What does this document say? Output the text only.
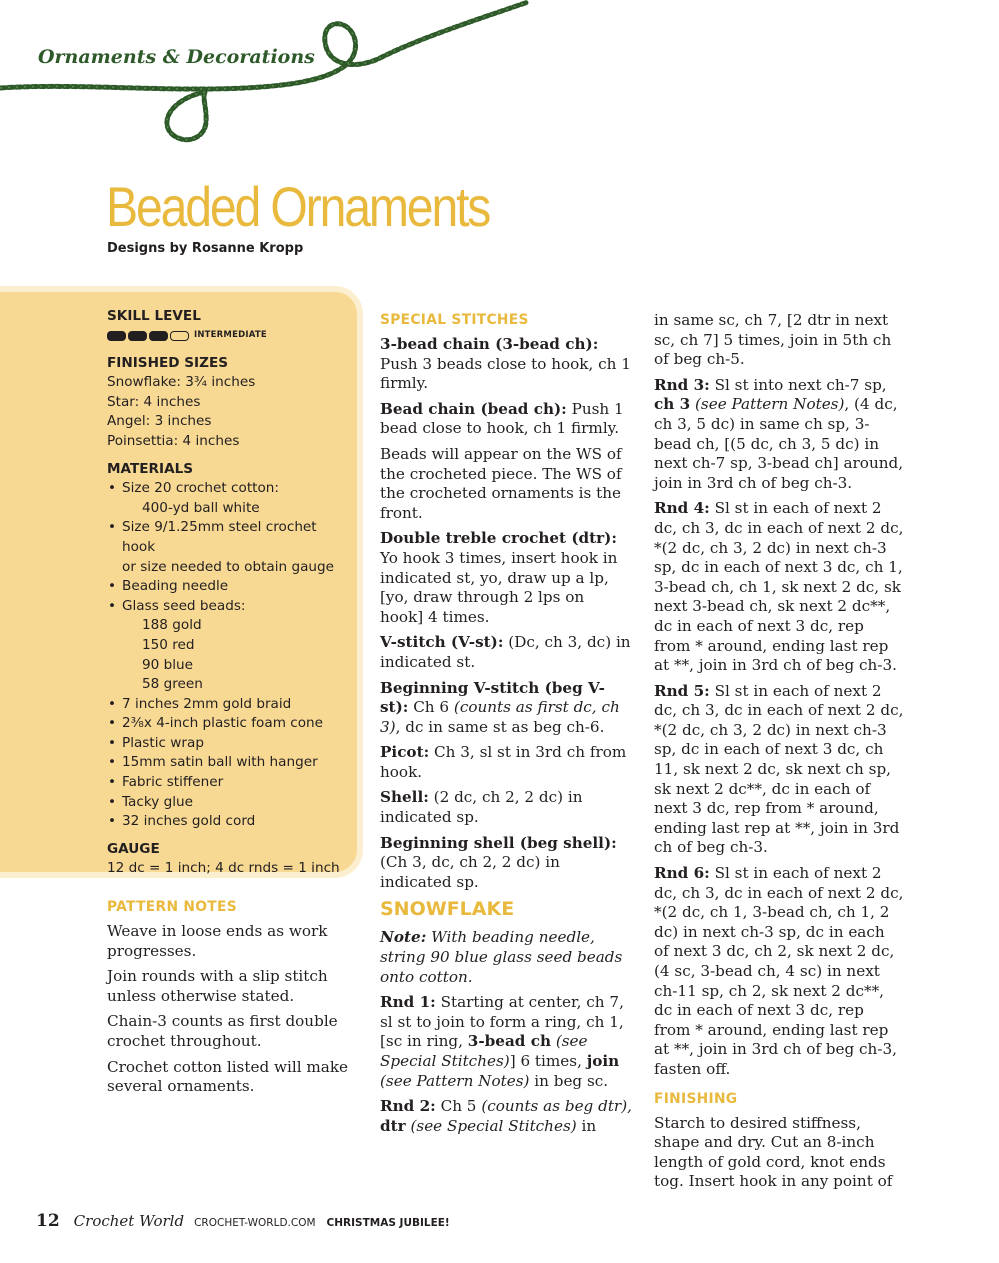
Ornaments & Decorations
Beaded Ornaments
Designs by Rosanne Kropp
SKILL LEVEL
INTERMEDIATE
FINISHED SIZES
Snowflake: 3¾ inches
Star: 4 inches
Angel: 3 inches
Poinsettia: 4 inches
MATERIALS
• Size 20 crochet cotton:
400-yd ball white
• Size 9/1.25mm steel crochet hook
or size needed to obtain gauge
• Beading needle
• Glass seed beads:
188 gold
150 red
90 blue
58 green
• 7 inches 2mm gold braid
• 2⅜x 4-inch plastic foam cone
• Plastic wrap
• 15mm satin ball with hanger
• Fabric stiffener
• Tacky glue
• 32 inches gold cord
GAUGE
12 dc = 1 inch; 4 dc rnds = 1 inch
PATTERN NOTES

Weave in loose ends as work progresses.

Join rounds with a slip stitch unless otherwise stated.

Chain-3 counts as first double crochet throughout.

Crochet cotton listed will make several ornaments.

SPECIAL STITCHES

3-bead chain (3-bead ch): Push 3 beads close to hook, ch 1 firmly.

Bead chain (bead ch): Push 1 bead close to hook, ch 1 firmly.

Beads will appear on the WS of the crocheted piece. The WS of the crocheted ornaments is the front.

Double treble crochet (dtr): Yo hook 3 times, insert hook in indicated st, yo, draw up a lp, [yo, draw through 2 lps on hook] 4 times.

V-stitch (V-st): (Dc, ch 3, dc) in indicated st.

Beginning V-stitch (beg V-st): Ch 6 (counts as first dc, ch 3), dc in same st as beg ch-6.

Picot: Ch 3, sl st in 3rd ch from hook.

Shell: (2 dc, ch 2, 2 dc) in indicated sp.

Beginning shell (beg shell): (Ch 3, dc, ch 2, 2 dc) in indicated sp.

SNOWFLAKE

Note: With beading needle, string 90 blue glass seed beads onto cotton.

Rnd 1: Starting at center, ch 7, sl st to join to form a ring, ch 1, [sc in ring, 3-bead ch (see Special Stitches)] 6 times, join (see Pattern Notes) in beg sc.

Rnd 2: Ch 5 (counts as beg dtr), dtr (see Special Stitches) in

in same sc, ch 7, [2 dtr in next sc, ch 7] 5 times, join in 5th ch of beg ch-5.

Rnd 3: Sl st into next ch-7 sp, ch 3 (see Pattern Notes), (4 dc, ch 3, 5 dc) in same ch sp, 3-bead ch, [(5 dc, ch 3, 5 dc) in next ch-7 sp, 3-bead ch] around, join in 3rd ch of beg ch-3.

Rnd 4: Sl st in each of next 2 dc, ch 3, dc in each of next 2 dc, *(2 dc, ch 3, 2 dc) in next ch-3 sp, dc in each of next 3 dc, ch 1, 3-bead ch, ch 1, sk next 2 dc, sk next 3-bead ch, sk next 2 dc**, dc in each of next 3 dc, rep from * around, ending last rep at **, join in 3rd ch of beg ch-3.

Rnd 5: Sl st in each of next 2 dc, ch 3, dc in each of next 2 dc, *(2 dc, ch 3, 2 dc) in next ch-3 sp, dc in each of next 3 dc, ch 11, sk next 2 dc, sk next ch sp, sk next 2 dc**, dc in each of next 3 dc, rep from * around, ending last rep at **, join in 3rd ch of beg ch-3.

Rnd 6: Sl st in each of next 2 dc, ch 3, dc in each of next 2 dc, *(2 dc, ch 1, 3-bead ch, ch 1, 2 dc) in next ch-3 sp, dc in each of next 3 dc, ch 2, sk next 2 dc, (4 sc, 3-bead ch, 4 sc) in next ch-11 sp, ch 2, sk next 2 dc**, dc in each of next 3 dc, rep from * around, ending last rep at **, join in 3rd ch of beg ch-3, fasten off.

FINISHING

Starch to desired stiffness, shape and dry. Cut an 8-inch length of gold cord, knot ends tog. Insert hook in any point of

12 Crochet World CROCHET-WORLD.COM CHRISTMAS JUBILEE!
